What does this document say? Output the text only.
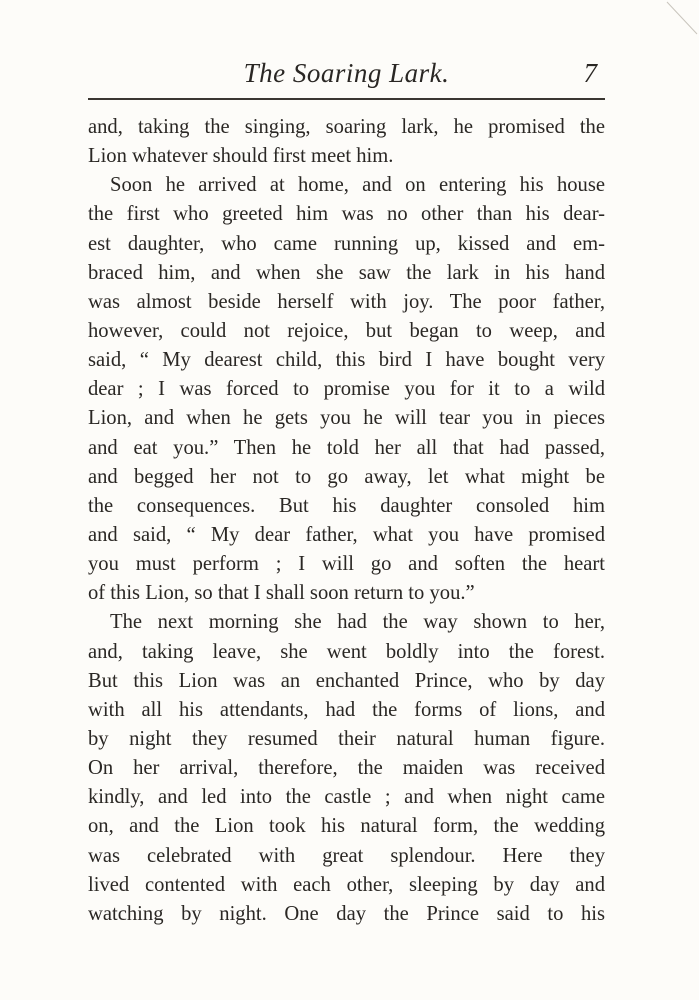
The Soaring Lark.	7
and, taking the singing, soaring lark, he promised the
Lion whatever should first meet him.
Soon he arrived at home, and on entering his house
the first who greeted him was no other than his dear-
est daughter, who came running up, kissed and em-
braced him, and when she saw the lark in his hand
was almost beside herself with joy. The poor father,
however, could not rejoice, but began to weep, and
said, “ My dearest child, this bird I have bought very
dear ; I was forced to promise you for it to a wild
Lion, and when he gets you he will tear you in pieces
and eat you.” Then he told her all that had passed,
and begged her not to go away, let what might be
the consequences. But his daughter consoled him
and said, “ My dear father, what you have promised
you must perform ; I will go and soften the heart
of this Lion, so that I shall soon return to you.”
The next morning she had the way shown to her,
and, taking leave, she went boldly into the forest.
But this Lion was an enchanted Prince, who by day
with all his attendants, had the forms of lions, and
by night they resumed their natural human figure.
On her arrival, therefore, the maiden was received
kindly, and led into the castle ; and when night came
on, and the Lion took his natural form, the wedding
was celebrated with great splendour. Here they
lived contented with each other, sleeping by day and
watching by night. One day the Prince said to his
